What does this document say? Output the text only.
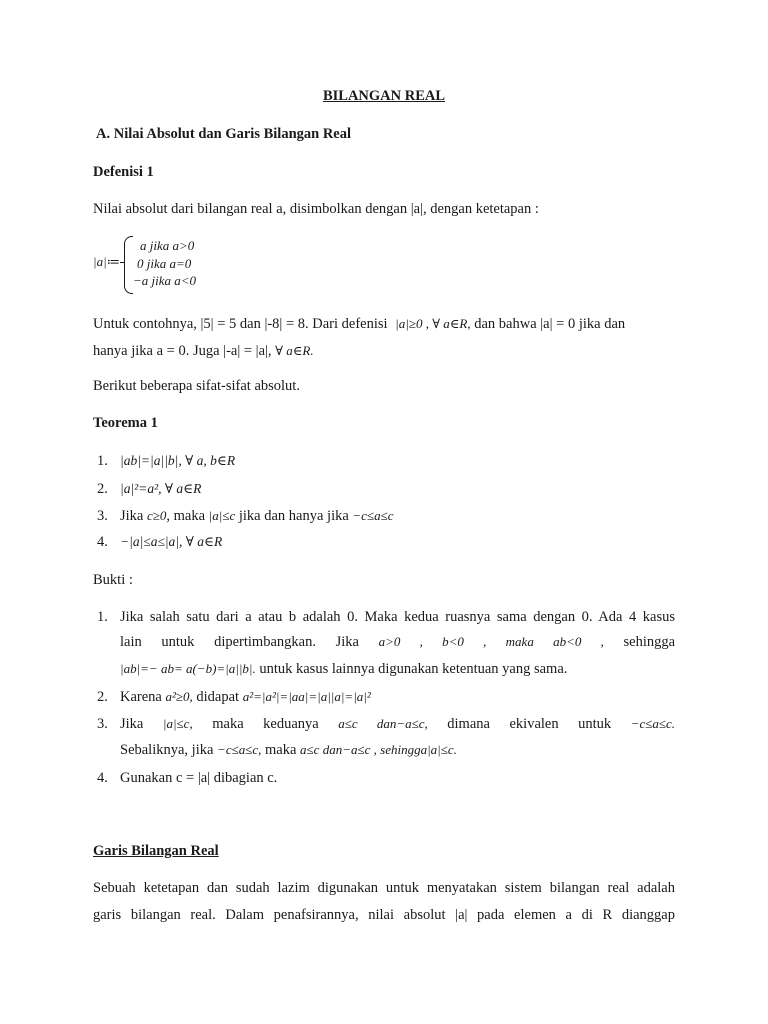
BILANGAN REAL
A. Nilai Absolut dan Garis Bilangan Real
Defenisi 1
Nilai absolut dari bilangan real a, disimbolkan dengan |a|, dengan ketetapan :
|a|≔
a jika a>0
0 jika a=0
−a jika a<0
Untuk contohnya, |5| = 5 dan |-8| = 8. Dari defenisi |a|≥0 , ∀ a∈R, dan bahwa |a| = 0 jika dan
hanya jika a = 0. Juga |-a| = |a|, ∀ a∈R.
Berikut beberapa sifat-sifat absolut.
Teorema 1
1. |ab|=|a||b|, ∀ a, b∈R
2. |a|²=a², ∀ a∈R
3. Jika c≥0, maka |a|≤c jika dan hanya jika −c≤a≤c
4. −|a|≤a≤|a|, ∀ a∈R
Bukti :
1. Jika salah satu dari a atau b adalah 0. Maka kedua ruasnya sama dengan 0. Ada 4 kasus
lain untuk dipertimbangkan. Jika a>0 , b<0 , maka ab<0 , sehingga
|ab|=− ab= a(−b)=|a||b|. untuk kasus lainnya digunakan ketentuan yang sama.
2. Karena a²≥0, didapat a²=|a²|=|aa|=|a||a|=|a|²
3. Jika |a|≤c, maka keduanya a≤c dan−a≤c, dimana ekivalen untuk −c≤a≤c.
Sebaliknya, jika −c≤a≤c, maka a≤c dan−a≤c , sehingga|a|≤c.
4. Gunakan c = |a| dibagian c.
Garis Bilangan Real
Sebuah ketetapan dan sudah lazim digunakan untuk menyatakan sistem bilangan real adalah
garis bilangan real. Dalam penafsirannya, nilai absolut |a| pada elemen a di R dianggap
